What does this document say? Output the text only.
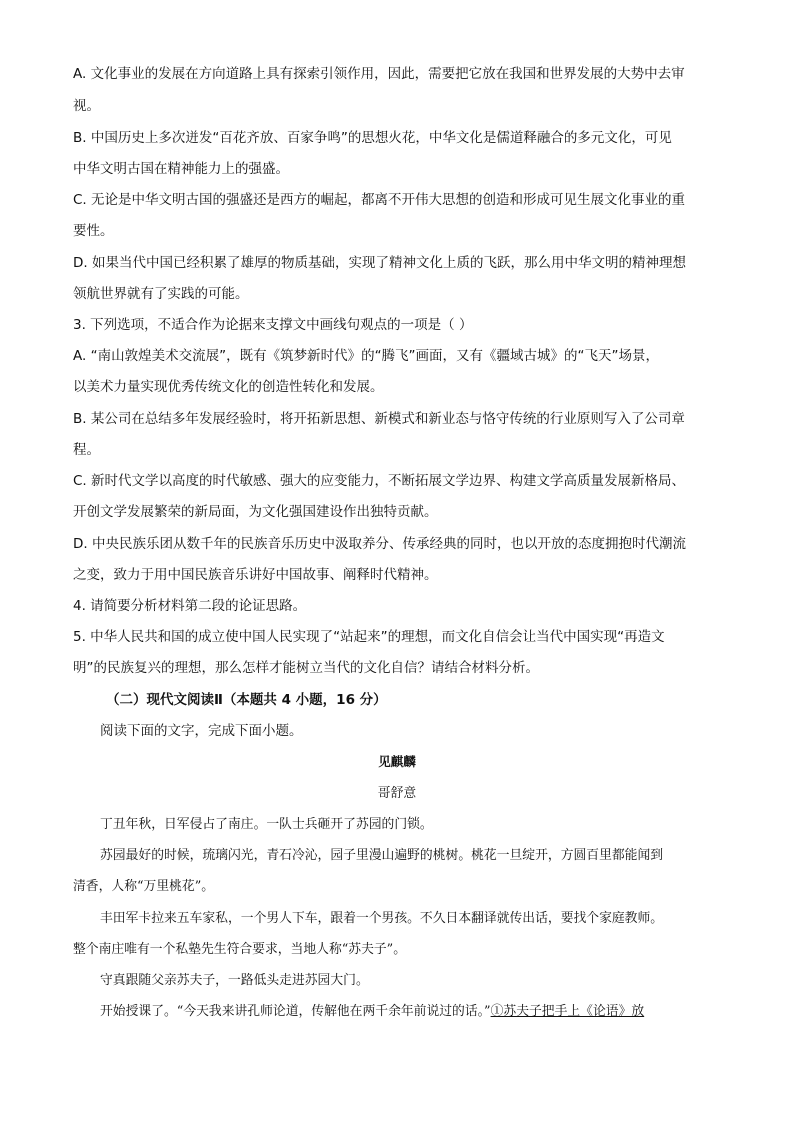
A. 文化事业的发展在方向道路上具有探索引领作用，因此，需要把它放在我国和世界发展的大势中去审

视。

B. 中国历史上多次迸发“百花齐放、百家争鸣”的思想火花，中华文化是儒道释融合的多元文化，可见

中华文明古国在精神能力上的强盛。

C. 无论是中华文明古国的强盛还是西方的崛起，都离不开伟大思想的创造和形成可见生展文化事业的重

要性。

D. 如果当代中国已经积累了雄厚的物质基础，实现了精神文化上质的飞跃，那么用中华文明的精神理想

领航世界就有了实践的可能。

3. 下列选项，不适合作为论据来支撑文中画线句观点的一项是（ ）

A. “南山敦煌美术交流展”，既有《筑梦新时代》的“腾飞”画面，又有《疆域古城》的“飞天”场景，

以美术力量实现优秀传统文化的创造性转化和发展。

B. 某公司在总结多年发展经验时，将开拓新思想、新模式和新业态与恪守传统的行业原则写入了公司章

程。

C. 新时代文学以高度的时代敏感、强大的应变能力，不断拓展文学边界、构建文学高质量发展新格局、

开创文学发展繁荣的新局面，为文化强国建设作出独特贡献。

D. 中央民族乐团从数千年的民族音乐历史中汲取养分、传承经典的同时，也以开放的态度拥抱时代潮流

之变，致力于用中国民族音乐讲好中国故事、阐释时代精神。

4. 请简要分析材料第二段的论证思路。

5. 中华人民共和国的成立使中国人民实现了“站起来”的理想，而文化自信会让当代中国实现“再造文

明”的民族复兴的理想，那么怎样才能树立当代的文化自信？请结合材料分析。

（二）现代文阅读Ⅱ（本题共 4 小题，16 分）

阅读下面的文字，完成下面小题。

见麒麟

哥舒意

丁丑年秋，日军侵占了南庄。一队士兵砸开了苏园的门锁。

苏园最好的时候，琉璃闪光，青石冷沁，园子里漫山遍野的桃树。桃花一旦绽开，方圆百里都能闻到

清香，人称“万里桃花”。

丰田军卡拉来五车家私，一个男人下车，跟着一个男孩。不久日本翻译就传出话，要找个家庭教师。

整个南庄唯有一个私塾先生符合要求，当地人称“苏夫子”。

守真跟随父亲苏夫子，一路低头走进苏园大门。

开始授课了。“今天我来讲孔师论道，传解他在两千余年前说过的话。”①苏夫子把手上《论语》放
